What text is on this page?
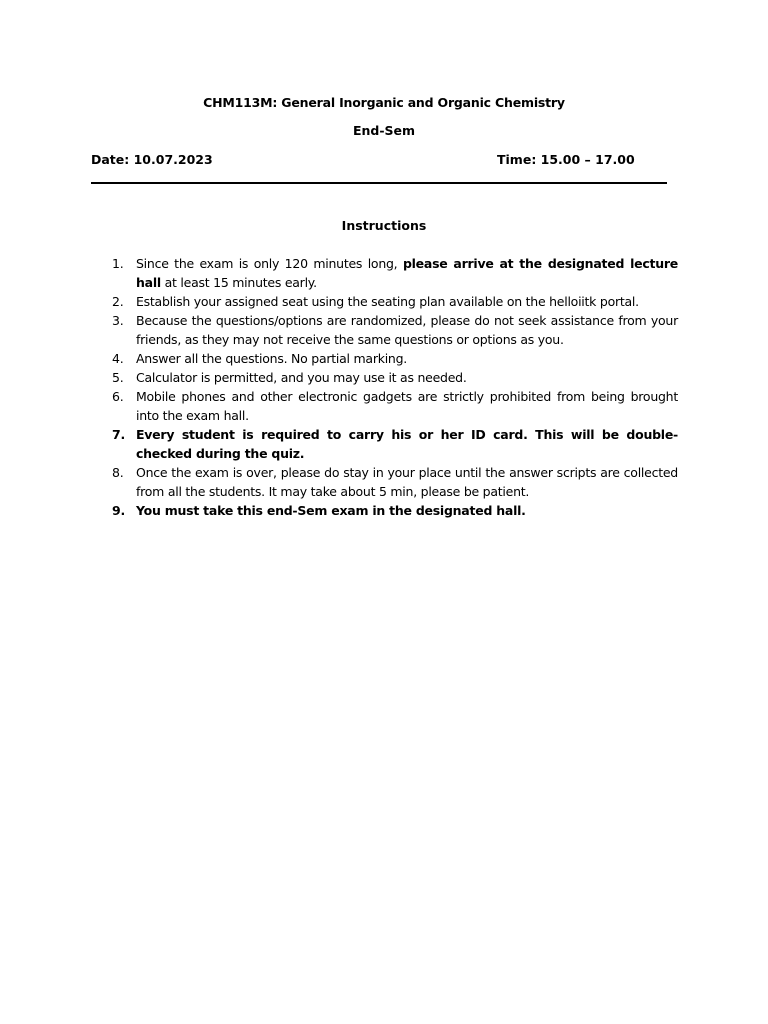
CHM113M: General Inorganic and Organic Chemistry
End-Sem
Date: 10.07.2023	Time: 15.00 – 17.00
Instructions
1.	Since the exam is only 120 minutes long, please arrive at the designated lecture hall at least 15 minutes early.
2.	Establish your assigned seat using the seating plan available on the helloiitk portal.
3.	Because the questions/options are randomized, please do not seek assistance from your friends, as they may not receive the same questions or options as you.
4.	Answer all the questions. No partial marking.
5.	Calculator is permitted, and you may use it as needed.
6.	Mobile phones and other electronic gadgets are strictly prohibited from being brought into the exam hall.
7. Every student is required to carry his or her ID card. This will be double-checked during the quiz.
8.	Once the exam is over, please do stay in your place until the answer scripts are collected from all the students. It may take about 5 min, please be patient.
9. You must take this end-Sem exam in the designated hall.
